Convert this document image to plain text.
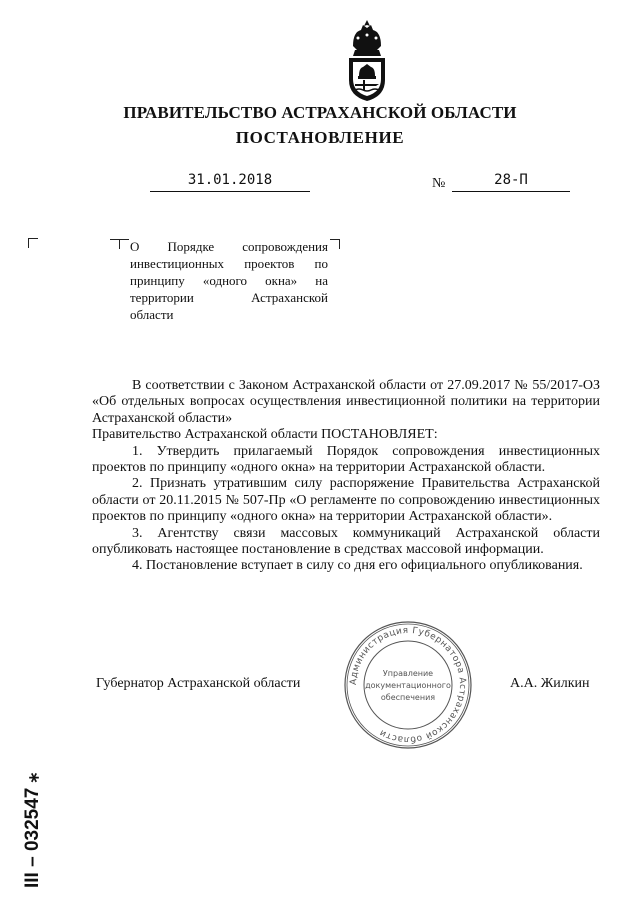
ПРАВИТЕЛЬСТВО АСТРАХАНСКОЙ ОБЛАСТИ
ПОСТАНОВЛЕНИЕ
31.01.2018	№	28-П
О Порядке сопровождения
инвестиционных проектов по
принципу «одного окна» на
территории Астраханской
области

В соответствии с Законом Астраханской области от 27.09.2017 № 55/2017-ОЗ «Об отдельных вопросах осуществления инвестиционной политики на территории Астраханской области»

Правительство Астраханской области ПОСТАНОВЛЯЕТ:

1. Утвердить прилагаемый Порядок сопровождения инвестиционных проектов по принципу «одного окна» на территории Астраханской области.

2. Признать утратившим силу распоряжение Правительства Астраханской области от 20.11.2015 № 507-Пр «О регламенте по сопровождению инвестиционных проектов по принципу «одного окна» на территории Астраханской области».

3. Агентству связи массовых коммуникаций Астраханской области опубликовать настоящее постановление в средствах массовой информации.

4. Постановление вступает в силу со дня его официального опубликования.

Администрация Губернатора Астраханской области
Управление
документационного
обеспечения
Губернатор Астраханской области	А.А. Жилкин
III – 032547 ⁎
